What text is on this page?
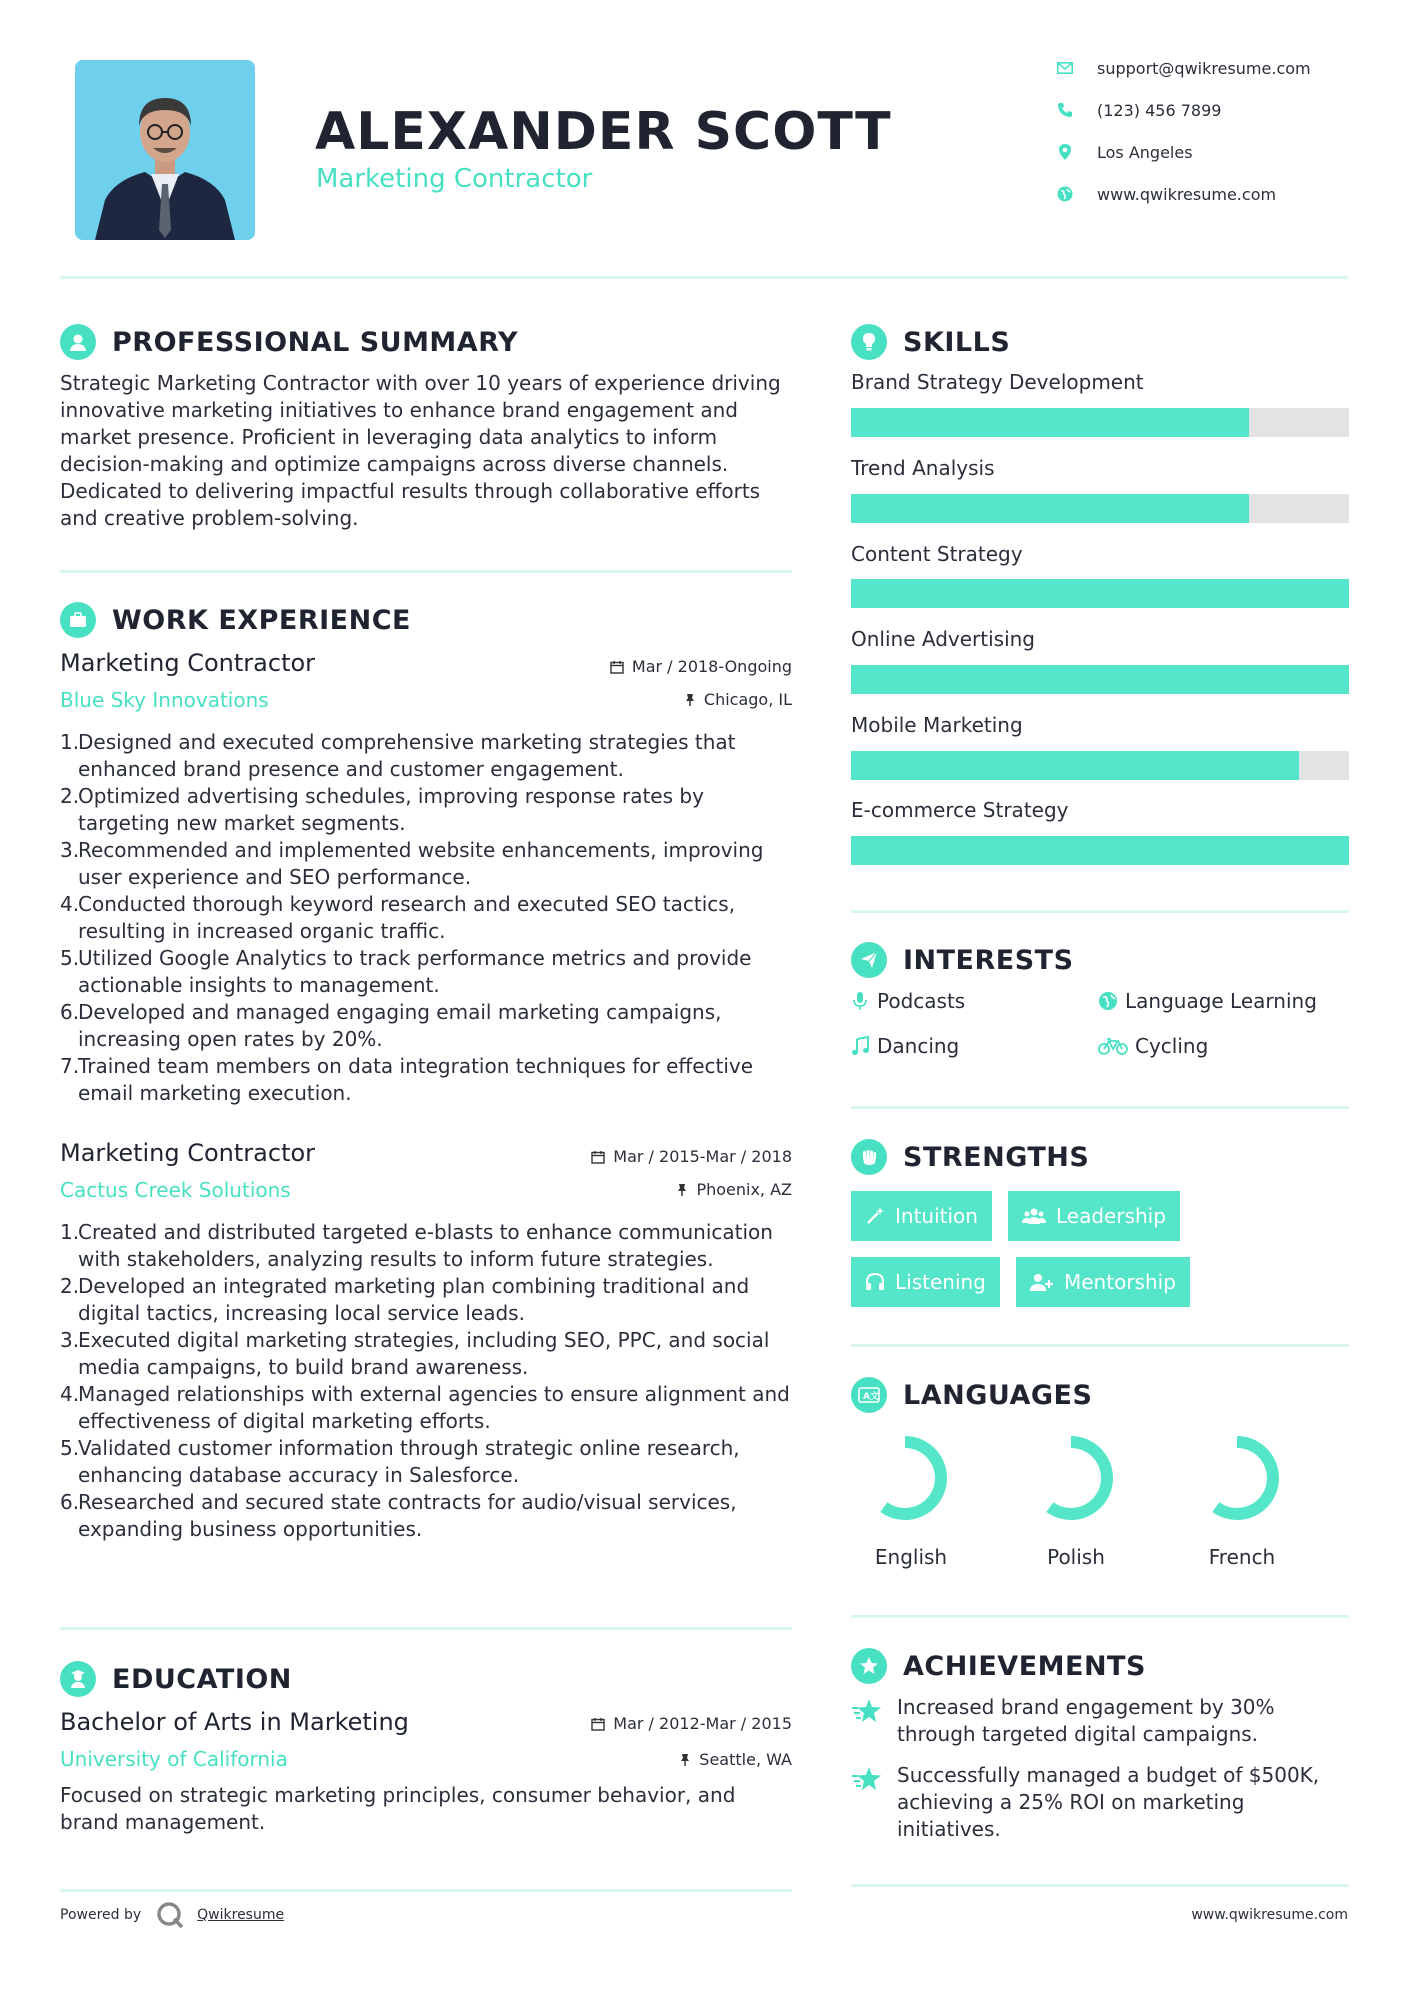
ALEXANDER SCOTT
Marketing Contractor
support@qwikresume.com
(123) 456 7899
Los Angeles
www.qwikresume.com
PROFESSIONAL SUMMARY
Strategic Marketing Contractor with over 10 years of experience driving innovative marketing initiatives to enhance brand engagement and market presence. Proficient in leveraging data analytics to inform decision-making and optimize campaigns across diverse channels. Dedicated to delivering impactful results through collaborative efforts and creative problem-solving.
WORK EXPERIENCE
Marketing Contractor	Mar / 2018-Ongoing
Blue Sky Innovations	Chicago, IL
1.
Designed and executed comprehensive marketing strategies that enhanced brand presence and customer engagement.
2.
Optimized advertising schedules, improving response rates by targeting new market segments.
3.
Recommended and implemented website enhancements, improving user experience and SEO performance.
4.
Conducted thorough keyword research and executed SEO tactics, resulting in increased organic traffic.
5.
Utilized Google Analytics to track performance metrics and provide actionable insights to management.
6.
Developed and managed engaging email marketing campaigns, increasing open rates by 20%.
7.
Trained team members on data integration techniques for effective email marketing execution.
Marketing Contractor	Mar / 2015-Mar / 2018
Cactus Creek Solutions	Phoenix, AZ
1.
Created and distributed targeted e-blasts to enhance communication with stakeholders, analyzing results to inform future strategies.
2.
Developed an integrated marketing plan combining traditional and digital tactics, increasing local service leads.
3.
Executed digital marketing strategies, including SEO, PPC, and social media campaigns, to build brand awareness.
4.
Managed relationships with external agencies to ensure alignment and effectiveness of digital marketing efforts.
5.
Validated customer information through strategic online research, enhancing database accuracy in Salesforce.
6.
Researched and secured state contracts for audio/visual services, expanding business opportunities.
EDUCATION
Bachelor of Arts in Marketing	Mar / 2012-Mar / 2015
University of California	Seattle, WA
Focused on strategic marketing principles, consumer behavior, and brand management.
SKILLS
Brand Strategy Development
Trend Analysis
Content Strategy
Online Advertising
Mobile Marketing
E-commerce Strategy
INTERESTS
Podcasts	Language Learning
Dancing	Cycling
STRENGTHS
Intuition	Leadership
Listening	Mentorship
A 文 LANGUAGES
English	Polish	French
ACHIEVEMENTS
Increased brand engagement by 30% through targeted digital campaigns.
Successfully managed a budget of $500K, achieving a 25% ROI on marketing initiatives.
Powered by	Qwikresume	www.qwikresume.com
